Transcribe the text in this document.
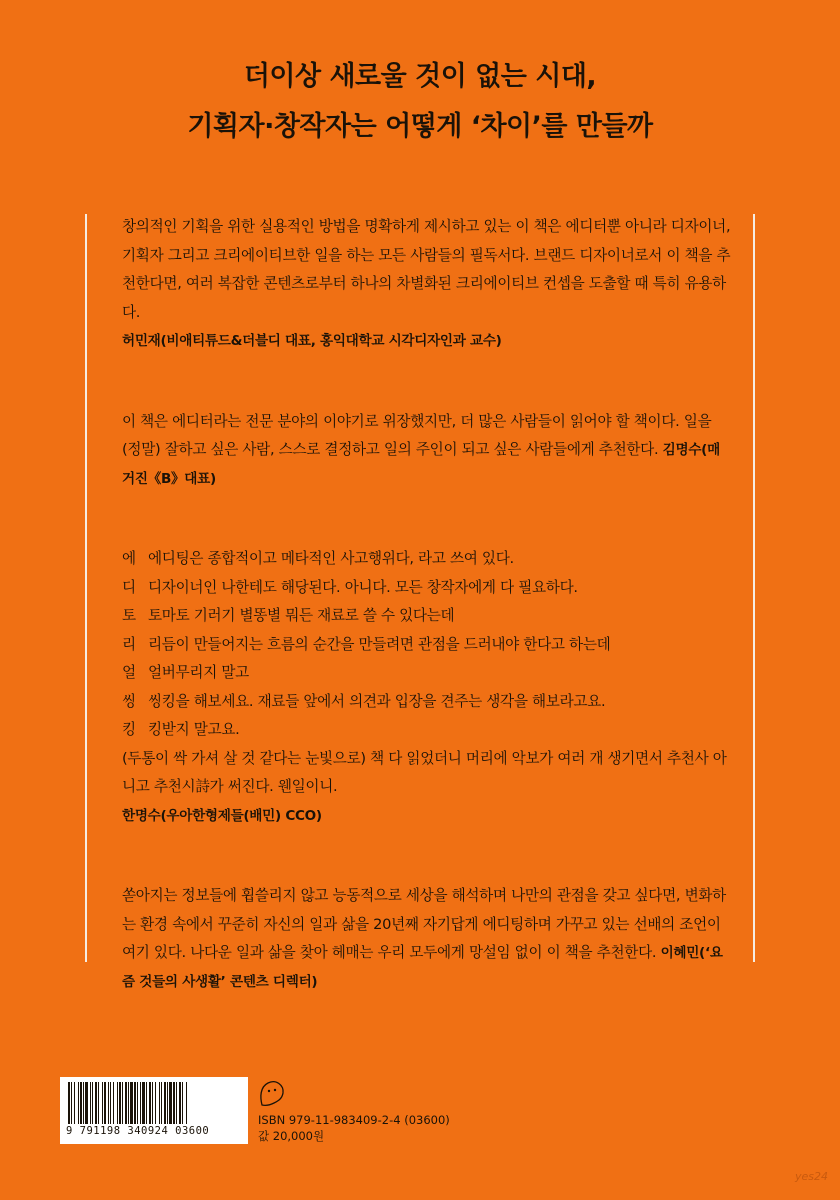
더이상 새로울 것이 없는 시대,
기획자·창작자는 어떻게 ‘차이’를 만들까

창의적인 기획을 위한 실용적인 방법을 명확하게 제시하고 있는 이 책은 에디터뿐 아니라 디자이너, 기획자 그리고 크리에이티브한 일을 하는 모든 사람들의 필독서다. 브랜드 디자이너로서 이 책을 추천한다면, 여러 복잡한 콘텐츠로부터 하나의 차별화된 크리에이티브 컨셉을 도출할 때 특히 유용하다.

허민재(비애티튜드&더블디 대표, 홍익대학교 시각디자인과 교수)

이 책은 에디터라는 전문 분야의 이야기로 위장했지만, 더 많은 사람들이 읽어야 할 책이다. 일을 (정말) 잘하고 싶은 사람, 스스로 결정하고 일의 주인이 되고 싶은 사람들에게 추천한다. 김명수(매거진《B》대표)

에 에디팅은 종합적이고 메타적인 사고행위다, 라고 쓰여 있다.
디 디자이너인 나한테도 해당된다. 아니다. 모든 창작자에게 다 필요하다.
토 토마토 기러기 별똥별 뭐든 재료로 쓸 수 있다는데
리 리듬이 만들어지는 흐름의 순간을 만들려면 관점을 드러내야 한다고 하는데
얼 얼버무리지 말고
씽 씽킹을 해보세요. 재료들 앞에서 의견과 입장을 견주는 생각을 해보라고요.
킹 킹받지 말고요.

(두통이 싹 가셔 살 것 같다는 눈빛으로) 책 다 읽었더니 머리에 악보가 여러 개 생기면서 추천사 아니고 추천시詩가 써진다. 웬일이니.

한명수(우아한형제들(배민) CCO)

쏟아지는 정보들에 휩쓸리지 않고 능동적으로 세상을 해석하며 나만의 관점을 갖고 싶다면, 변화하는 환경 속에서 꾸준히 자신의 일과 삶을 20년째 자기답게 에디팅하며 가꾸고 있는 선배의 조언이 여기 있다. 나다운 일과 삶을 찾아 헤매는 우리 모두에게 망설임 없이 이 책을 추천한다. 이혜민(‘요즘 것들의 사생활’ 콘텐츠 디렉터)

9 791198 340924 03600
ISBN 979-11-983409-2-4 (03600)
값 20,000원
yes24
